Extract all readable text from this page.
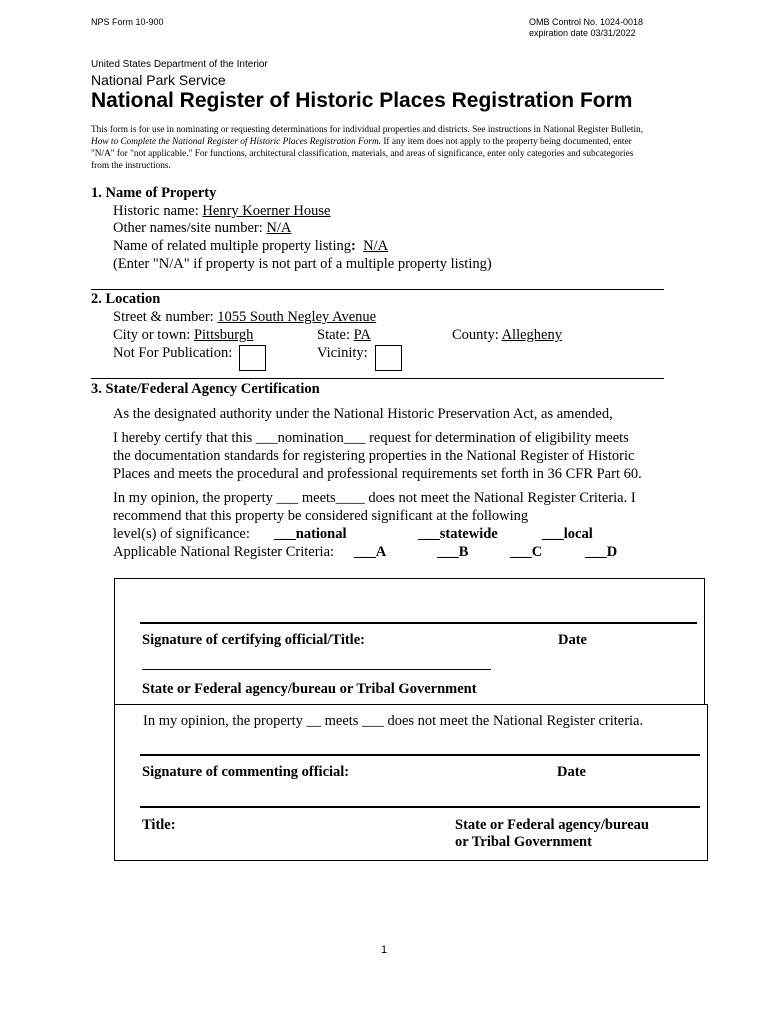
NPS Form 10-900	OMB Control No. 1024-0018
expiration date 03/31/2022
United States Department of the Interior
National Park Service
National Register of Historic Places Registration Form
This form is for use in nominating or requesting determinations for individual properties and districts. See instructions in National Register Bulletin,
How to Complete the National Register of Historic Places Registration Form. If any item does not apply to the property being documented, enter
"N/A" for "not applicable." For functions, architectural classification, materials, and areas of significance, enter only categories and subcategories
from the instructions.
1. Name of Property
Historic name: Henry Koerner House
Other names/site number: N/A
Name of related multiple property listing: N/A
(Enter "N/A" if property is not part of a multiple property listing)
2. Location
Street & number: 1055 South Negley Avenue
City or town: Pittsburgh	State: PA	County: Allegheny
Not For Publication:	Vicinity:
3. State/Federal Agency Certification
As the designated authority under the National Historic Preservation Act, as amended,
I hereby certify that this ___nomination___ request for determination of eligibility meets
the documentation standards for registering properties in the National Register of Historic
Places and meets the procedural and professional requirements set forth in 36 CFR Part 60.
In my opinion, the property ___ meets____ does not meet the National Register Criteria. I
recommend that this property be considered significant at the following
level(s) of significance: ___national	___statewide	___local
Applicable National Register Criteria: ___A	___B	___C	___D
Signature of certifying official/Title:	Date
State or Federal agency/bureau or Tribal Government
In my opinion, the property __ meets ___ does not meet the National Register criteria.
Signature of commenting official:	Date
Title:	State or Federal agency/bureau
or Tribal Government
1
